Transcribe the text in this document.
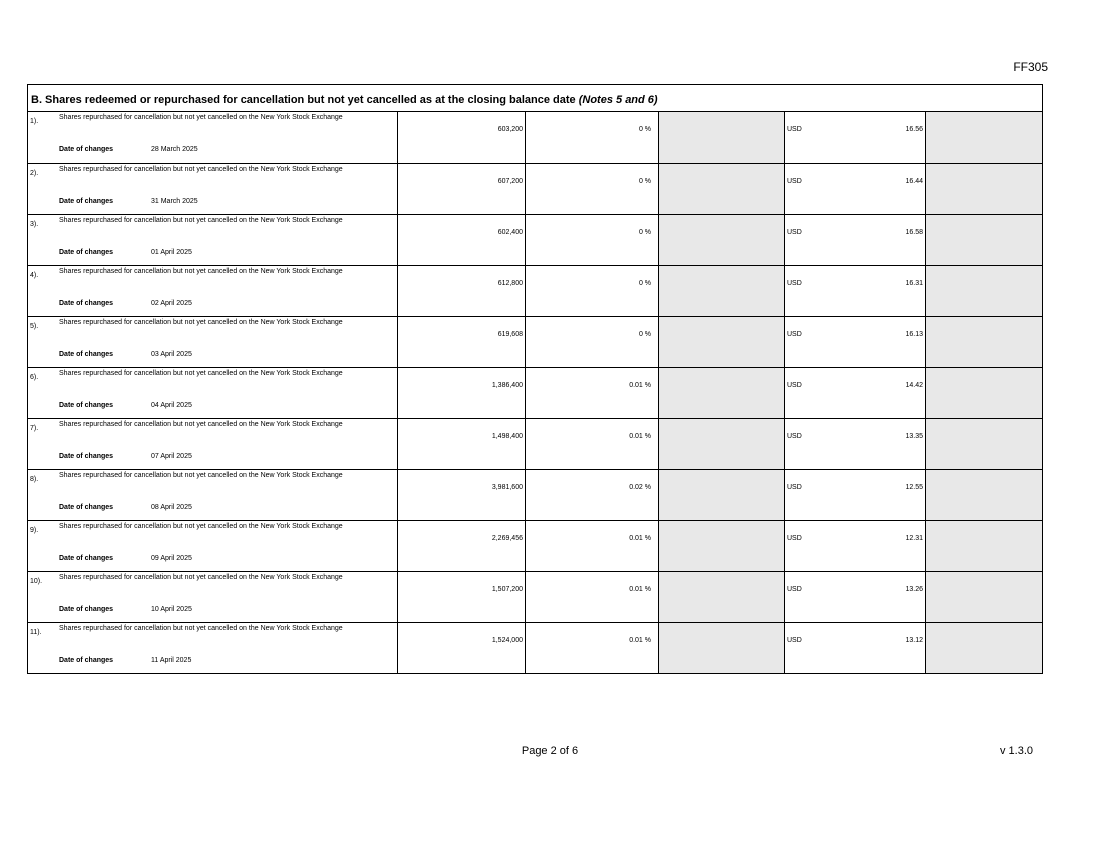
FF305
B. Shares redeemed or repurchased for cancellation but not yet cancelled as at the closing balance date (Notes 5 and 6)
1).
Shares repurchased for cancellation but not yet cancelled on the New York Stock Exchange
Date of changes 28 March 2025	603,200	0 %		USD 16.56	

2).
Shares repurchased for cancellation but not yet cancelled on the New York Stock Exchange
Date of changes 31 March 2025	607,200	0 %		USD 16.44	

3).
Shares repurchased for cancellation but not yet cancelled on the New York Stock Exchange
Date of changes 01 April 2025	602,400	0 %		USD 16.58	

4).
Shares repurchased for cancellation but not yet cancelled on the New York Stock Exchange
Date of changes 02 April 2025	612,800	0 %		USD 16.31	

5).
Shares repurchased for cancellation but not yet cancelled on the New York Stock Exchange
Date of changes 03 April 2025	619,608	0 %		USD 16.13	

6).
Shares repurchased for cancellation but not yet cancelled on the New York Stock Exchange
Date of changes 04 April 2025	1,386,400	0.01 %		USD 14.42	

7).
Shares repurchased for cancellation but not yet cancelled on the New York Stock Exchange
Date of changes 07 April 2025	1,498,400	0.01 %		USD 13.35	

8).
Shares repurchased for cancellation but not yet cancelled on the New York Stock Exchange
Date of changes 08 April 2025	3,981,600	0.02 %		USD 12.55	

9).
Shares repurchased for cancellation but not yet cancelled on the New York Stock Exchange
Date of changes 09 April 2025	2,269,456	0.01 %		USD 12.31	

10).
Shares repurchased for cancellation but not yet cancelled on the New York Stock Exchange
Date of changes 10 April 2025	1,507,200	0.01 %		USD 13.26	

11).
Shares repurchased for cancellation but not yet cancelled on the New York Stock Exchange
Date of changes 11 April 2025	1,524,000	0.01 %		USD 13.12	

Page 2 of 6	v 1.3.0
